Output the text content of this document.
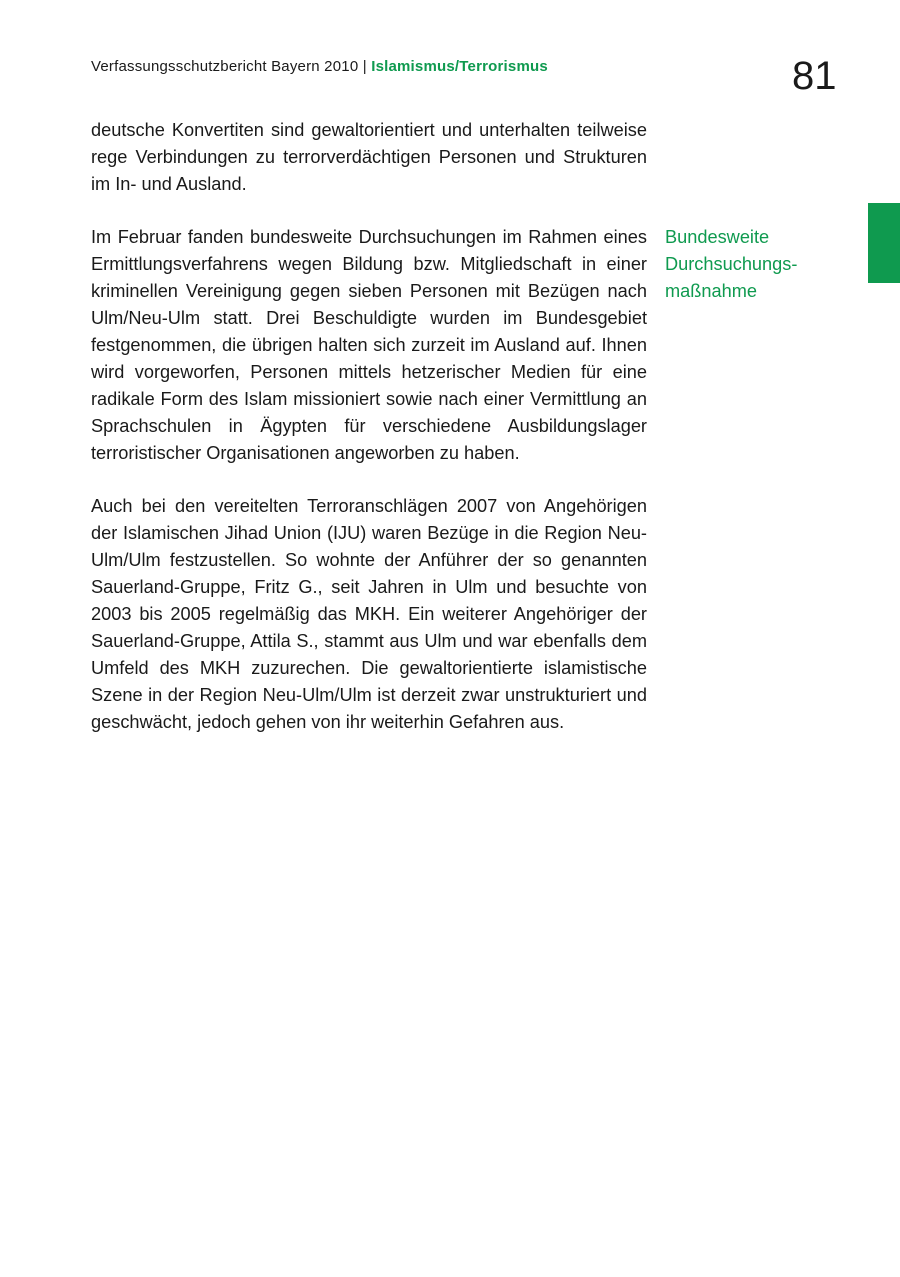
Verfassungsschutzbericht Bayern 2010 | Islamismus/Terrorismus	81

deutsche Konvertiten sind gewaltorientiert und unterhalten teilweise rege Verbindungen zu terrorverdächtigen Personen und Strukturen im In- und Ausland.

Im Februar fanden bundesweite Durchsuchungen im Rahmen eines Ermittlungsverfahrens wegen Bildung bzw. Mitgliedschaft in einer kriminellen Vereinigung gegen sieben Personen mit Bezügen nach Ulm/Neu-Ulm statt. Drei Beschuldigte wurden im Bundesgebiet festgenommen, die übrigen halten sich zurzeit im Ausland auf. Ihnen wird vorgeworfen, Personen mittels hetzerischer Medien für eine radikale Form des Islam missioniert sowie nach einer Vermittlung an Sprachschulen in Ägypten für verschiedene Ausbildungslager terroristischer Organisationen angeworben zu haben.

Auch bei den vereitelten Terroranschlägen 2007 von Angehörigen der Islamischen Jihad Union (IJU) waren Bezüge in die Region Neu-Ulm/Ulm festzustellen. So wohnte der Anführer der so genannten Sauerland-Gruppe, Fritz G., seit Jahren in Ulm und besuchte von 2003 bis 2005 regelmäßig das MKH. Ein weiterer Angehöriger der Sauerland-Gruppe, Attila S., stammt aus Ulm und war ebenfalls dem Umfeld des MKH zuzurechen. Die gewaltorientierte islamistische Szene in der Region Neu-Ulm/Ulm ist derzeit zwar unstrukturiert und geschwächt, jedoch gehen von ihr weiterhin Gefahren aus.

Bundesweite
Durchsuchungs-
maßnahme
